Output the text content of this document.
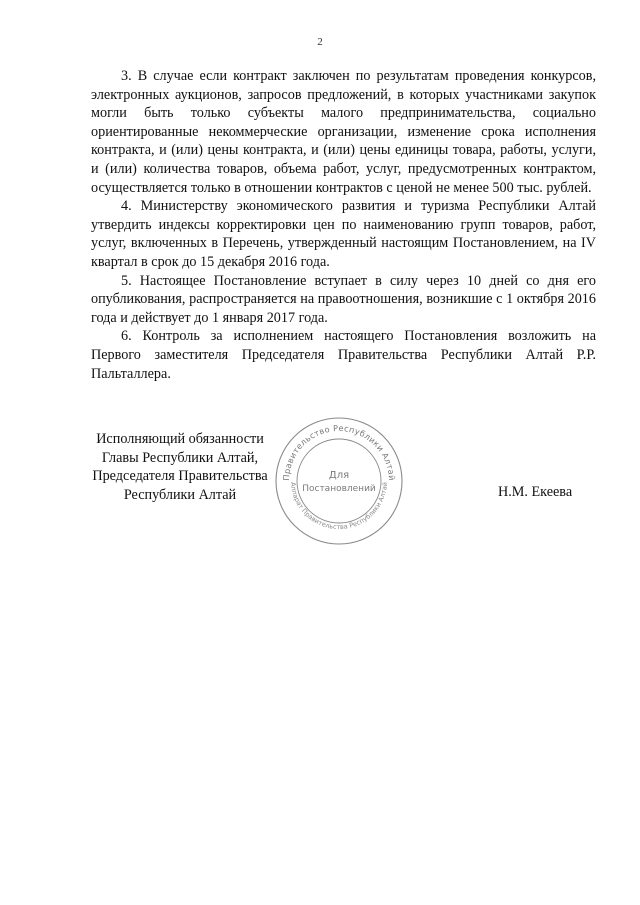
2

3. В случае если контракт заключен по результатам проведения конкурсов, электронных аукционов, запросов предложений, в которых участниками закупок могли быть только субъекты малого предпринимательства, социально ориентированные некоммерческие организации, изменение срока исполнения контракта, и (или) цены контракта, и (или) цены единицы товара, работы, услуги, и (или) количества товаров, объема работ, услуг, предусмотренных контрактом, осуществляется только в отношении контрактов с ценой не менее 500 тыс. рублей.

4. Министерству экономического развития и туризма Республики Алтай утвердить индексы корректировки цен по наименованию групп товаров, работ, услуг, включенных в Перечень, утвержденный настоящим Постановлением, на IV квартал в срок до 15 декабря 2016 года.

5. Настоящее Постановление вступает в силу через 10 дней со дня его опубликования, распространяется на правоотношения, возникшие с 1 октября 2016 года и действует до 1 января 2017 года.

6. Контроль за исполнением настоящего Постановления возложить на Первого заместителя Председателя Правительства Республики Алтай Р.Р. Пальталлера.

Исполняющий обязанности
Главы Республики Алтай,
Председателя Правительства
Республики Алтай
Правительство Республики Алтай
Аппарат Правительства Республики Алтай
Для
Постановлений	Н.М. Екеева
